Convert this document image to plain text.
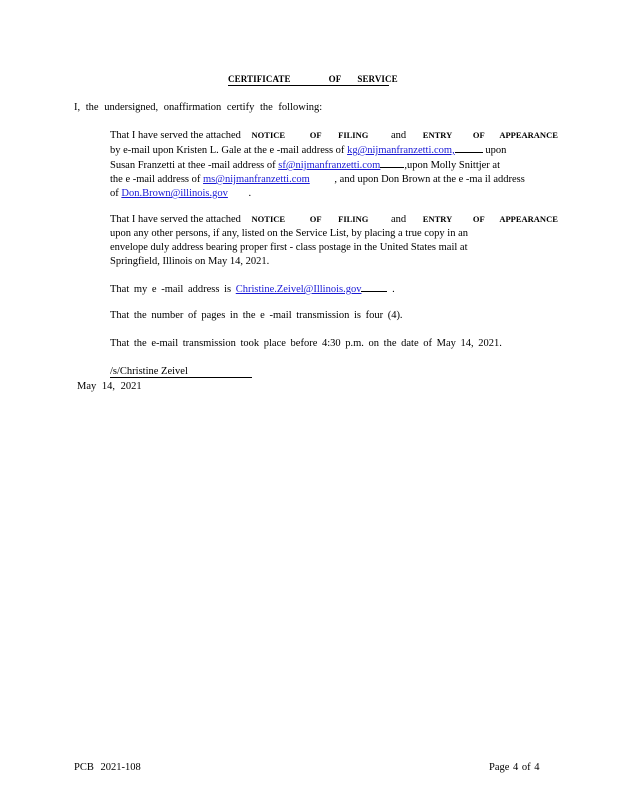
CERTIFICATE	OF SERVICE
I, the undersigned, onaffirmation certify the following:
That I have served the attached NOTICE	OF FILING and ENTRY OF APPEARANCE
by e-mail upon Kristen L. Gale at the e -mail address of kg@nijmanfranzetti.com,	upon
Susan Franzetti at thee -mail address of sf@nijmanfranzetti.com ,upon Molly Snittjer at
the e -mail address of ms@nijmanfranzetti.com , and upon Don Brown at the e -ma il address
of Don.Brown@illinois.gov .
That I have served the attached NOTICE	OF FILING and ENTRY OF APPEARANCE
upon any other persons, if any, listed on the Service List, by placing a true copy in an
envelope duly address bearing proper first - class postage in the United States mail at
Springfield, Illinois on May 14, 2021.
That my e -mail address is Christine.Zeivel@Illinois.gov	.
That the number of pages in the e -mail transmission is four (4).
That the e-mail transmission took place before 4:30 p.m. on the date of May 14, 2021.
/s/Christine Zeivel
May 14, 2021
PCB 2021-108	Page 4 of 4
